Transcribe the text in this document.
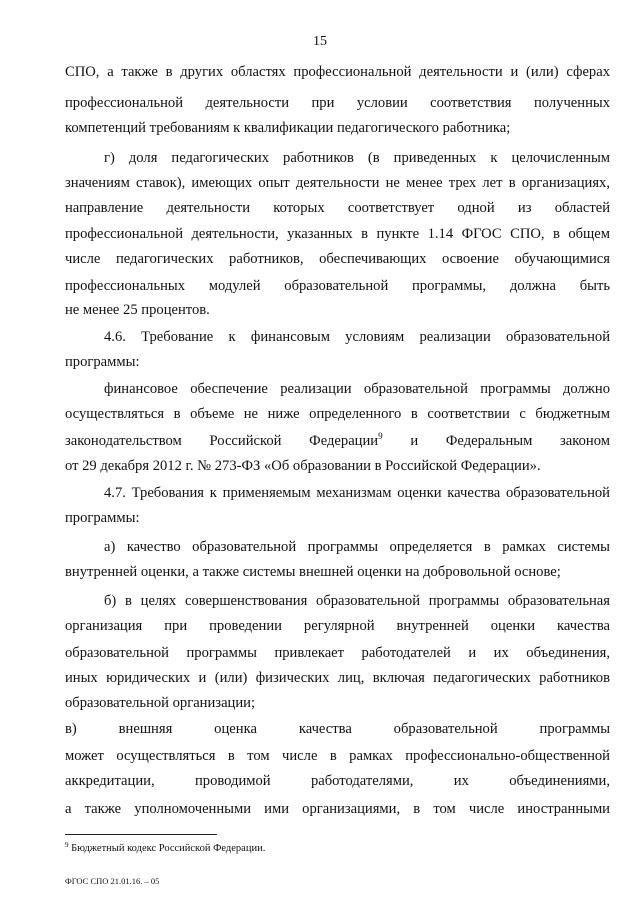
15
СПО, а также в других областях профессиональной деятельности и (или) сферах
профессиональной деятельности при условии соответствия полученных
компетенций требованиям к квалификации педагогического работника;
г) доля педагогических работников (в приведенных к целочисленным
значениям ставок), имеющих опыт деятельности не менее трех лет в организациях,
направление деятельности которых соответствует одной из областей
профессиональной деятельности, указанных в пункте 1.14 ФГОС СПО, в общем
числе педагогических работников, обеспечивающих освоение обучающимися
профессиональных модулей образовательной программы, должна быть
не менее 25 процентов.
4.6. Требование к финансовым условиям реализации образовательной
программы:
финансовое обеспечение реализации образовательной программы должно
осуществляться в объеме не ниже определенного в соответствии с бюджетным
законодательством Российской Федерации$^9$ и Федеральным законом
от 29 декабря 2012 г. № 273-ФЗ «Об образовании в Российской Федерации».
4.7. Требования к применяемым механизмам оценки качества образовательной
программы:
а) качество образовательной программы определяется в рамках системы
внутренней оценки, а также системы внешней оценки на добровольной основе;
б) в целях совершенствования образовательной программы образовательная
организация при проведении регулярной внутренней оценки качества
образовательной программы привлекает работодателей и их объединения,
иных юридических и (или) физических лиц, включая педагогических работников
образовательной организации;
в) внешняя оценка качества образовательной программы
может осуществляться в том числе в рамках профессионально-общественной
аккредитации, проводимой работодателями, их объединениями,
а также уполномоченными ими организациями, в том числе иностранными
$^9$ Бюджетный кодекс Российской Федерации.
ФГОС СПО 21.01.16. – 05
